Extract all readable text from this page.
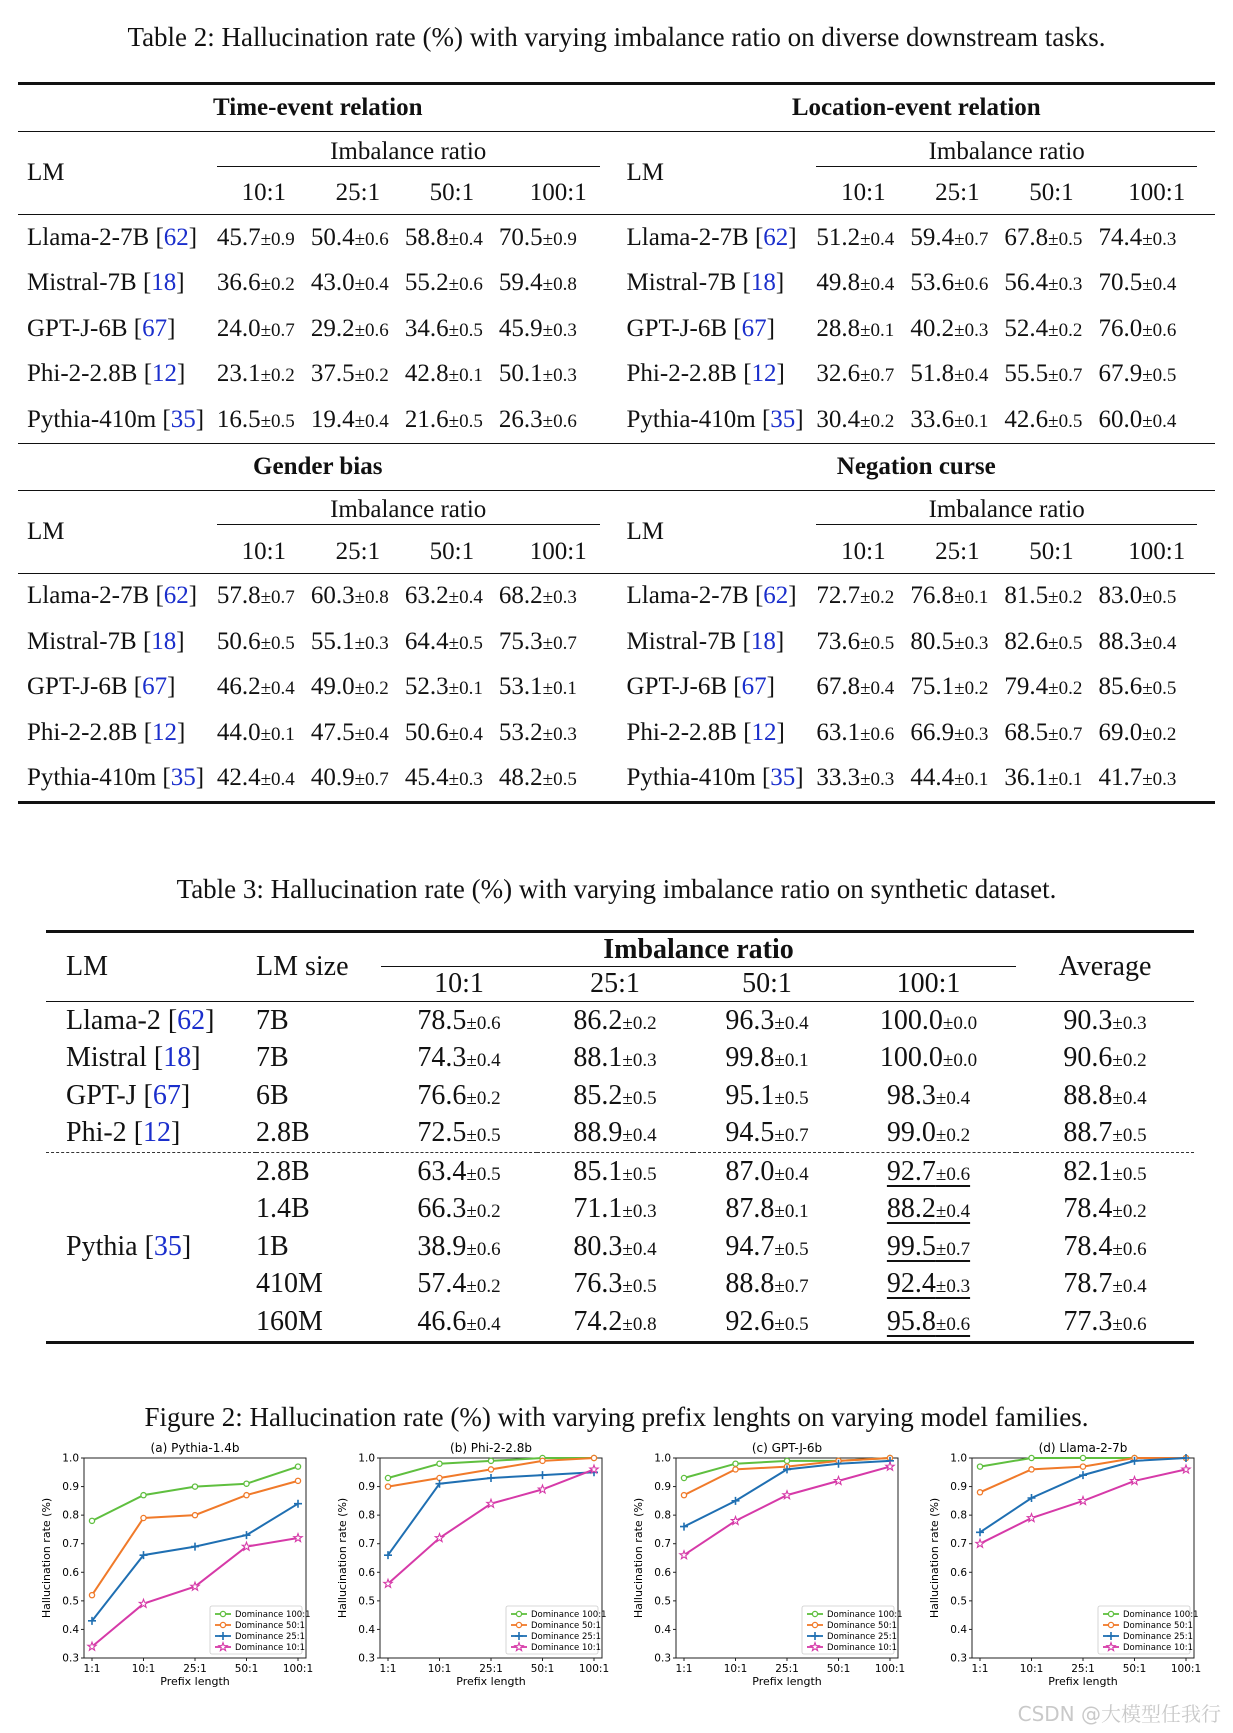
Table 2: Hallucination rate (%) with varying imbalance ratio on diverse downstream tasks.
Time-event relation					Location-event relation				
LM	Imbalance ratio				LM	Imbalance ratio			

	10:1	25:1	50:1	100:1		10:1	25:1	50:1	100:1
Llama-2-7B [62]	45.7±0.9	50.4±0.6	58.8±0.4	70.5±0.9	Llama-2-7B [62]	51.2±0.4	59.4±0.7	67.8±0.5	74.4±0.3
Mistral-7B [18]	36.6±0.2	43.0±0.4	55.2±0.6	59.4±0.8	Mistral-7B [18]	49.8±0.4	53.6±0.6	56.4±0.3	70.5±0.4
GPT-J-6B [67]	24.0±0.7	29.2±0.6	34.6±0.5	45.9±0.3	GPT-J-6B [67]	28.8±0.1	40.2±0.3	52.4±0.2	76.0±0.6
Phi-2-2.8B [12]	23.1±0.2	37.5±0.2	42.8±0.1	50.1±0.3	Phi-2-2.8B [12]	32.6±0.7	51.8±0.4	55.5±0.7	67.9±0.5
Pythia-410m [35]	16.5±0.5	19.4±0.4	21.6±0.5	26.3±0.6	Pythia-410m [35]	30.4±0.2	33.6±0.1	42.6±0.5	60.0±0.4
Gender bias					Negation curse				
LM	Imbalance ratio				LM	Imbalance ratio			

	10:1	25:1	50:1	100:1		10:1	25:1	50:1	100:1
Llama-2-7B [62]	57.8±0.7	60.3±0.8	63.2±0.4	68.2±0.3	Llama-2-7B [62]	72.7±0.2	76.8±0.1	81.5±0.2	83.0±0.5
Mistral-7B [18]	50.6±0.5	55.1±0.3	64.4±0.5	75.3±0.7	Mistral-7B [18]	73.6±0.5	80.5±0.3	82.6±0.5	88.3±0.4
GPT-J-6B [67]	46.2±0.4	49.0±0.2	52.3±0.1	53.1±0.1	GPT-J-6B [67]	67.8±0.4	75.1±0.2	79.4±0.2	85.6±0.5
Phi-2-2.8B [12]	44.0±0.1	47.5±0.4	50.6±0.4	53.2±0.3	Phi-2-2.8B [12]	63.1±0.6	66.9±0.3	68.5±0.7	69.0±0.2
Pythia-410m [35]	42.4±0.4	40.9±0.7	45.4±0.3	48.2±0.5	Pythia-410m [35]	33.3±0.3	44.4±0.1	36.1±0.1	41.7±0.3
Table 3: Hallucination rate (%) with varying imbalance ratio on synthetic dataset.
LM	LM size	Imbalance ratio				Average
		10:1	25:1	50:1	100:1	
Llama-2 [62]	7B	78.5±0.6	86.2±0.2	96.3±0.4	100.0±0.0	90.3±0.3
Mistral [18]	7B	74.3±0.4	88.1±0.3	99.8±0.1	100.0±0.0	90.6±0.2
GPT-J [67]	6B	76.6±0.2	85.2±0.5	95.1±0.5	98.3±0.4	88.8±0.4
Phi-2 [12]	2.8B	72.5±0.5	88.9±0.4	94.5±0.7	99.0±0.2	88.7±0.5
Pythia [35]	2.8B	63.4±0.5	85.1±0.5	87.0±0.4	92.7±0.6	82.1±0.5
	1.4B	66.3±0.2	71.1±0.3	87.8±0.1	88.2±0.4	78.4±0.2
	1B	38.9±0.6	80.3±0.4	94.7±0.5	99.5±0.7	78.4±0.6
	410M	57.4±0.2	76.3±0.5	88.8±0.7	92.4±0.3	78.7±0.4
	160M	46.6±0.4	74.2±0.8	92.6±0.5	95.8±0.6	77.3±0.6
Figure 2: Hallucination rate (%) with varying prefix lenghts on varying model families.
(a) Pythia-1.4b
0.3
0.4
0.5
0.6
0.7
0.8
0.9
1.0
1:1	10:1	25:1	50:1 100:1
Prefix length
Hallucination rate (%)	Dominance 100:1
Dominance 50:1
Dominance 25:1
Dominance 10:1
(b) Phi-2-2.8b
0.3
0.4
0.5
0.6
0.7
0.8
0.9
1.0
1:1	10:1	25:1	50:1 100:1
Prefix length
Hallucination rate (%)	Dominance 100:1
Dominance 50:1
Dominance 25:1
Dominance 10:1
(c) GPT-J-6b
0.3
0.4
0.5
0.6
0.7
0.8
0.9
1.0
1:1	10:1	25:1	50:1 100:1
Prefix length
Hallucination rate (%)	Dominance 100:1
Dominance 50:1
Dominance 25:1
Dominance 10:1
(d) Llama-2-7b
0.3
0.4
0.5
0.6
0.7
0.8
0.9
1.0
1:1	10:1	25:1	50:1 100:1
Prefix length
Hallucination rate (%)	Dominance 100:1
Dominance 50:1
Dominance 25:1
Dominance 10:1
CSDN @大模型任我行
